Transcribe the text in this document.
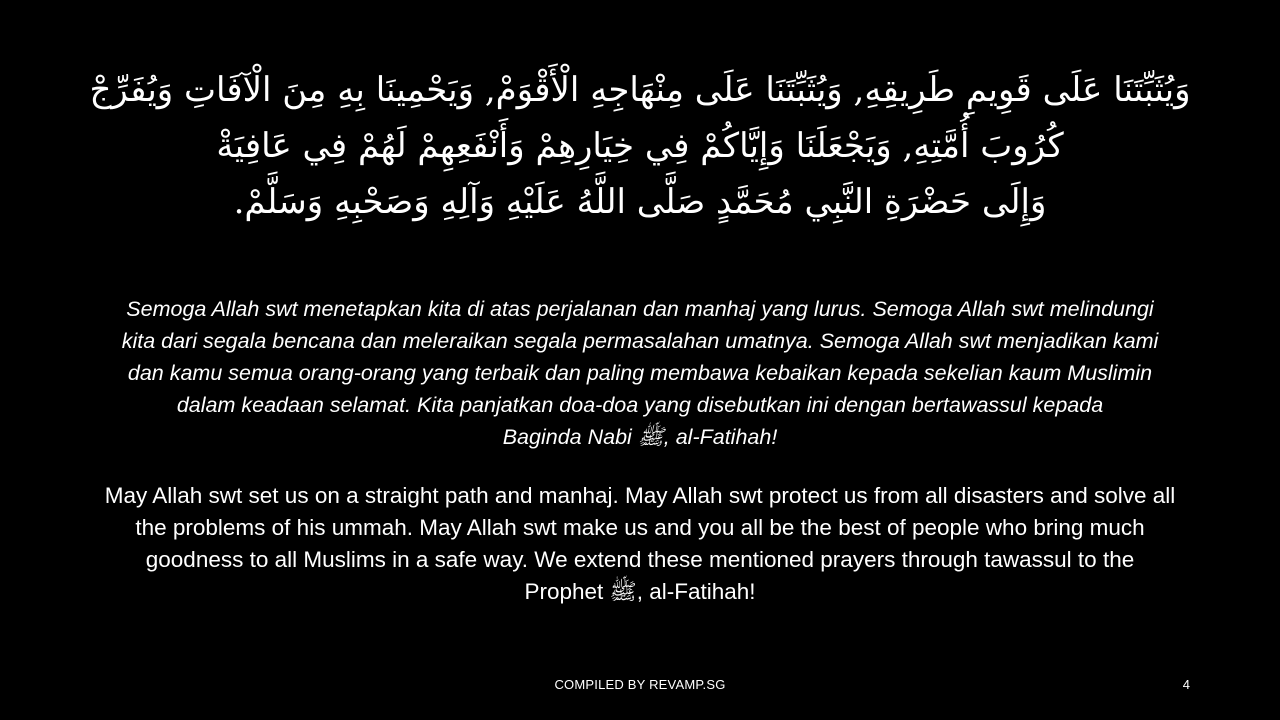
وَيُثَبِّتَنَا عَلَى قَوِيمِ طَرِيقِهِ, وَيُثَبِّتَنَا عَلَى مِنْهَاجِهِ الْأَقْوَمْ, وَيَحْمِينَا بِهِ مِنَ الْآفَاتِ وَيُفَرِّجْ
كُرُوبَ أُمَّتِهِ, وَيَجْعَلَنَا وَإِيَّاكُمْ فِي خِيَارِهِمْ وَأَنْفَعِهِمْ لَهُمْ فِي عَافِيَةْ
وَإِلَى حَضْرَةِ النَّبِي مُحَمَّدٍ صَلَّى اللَّهُ عَلَيْهِ وَآلِهِ وَصَحْبِهِ وَسَلَّمْ.
Semoga Allah swt menetapkan kita di atas perjalanan dan manhaj yang lurus. Semoga Allah swt melindungi
kita dari segala bencana dan meleraikan segala permasalahan umatnya. Semoga Allah swt menjadikan kami
dan kamu semua orang-orang yang terbaik dan paling membawa kebaikan kepada sekelian kaum Muslimin
dalam keadaan selamat. Kita panjatkan doa-doa yang disebutkan ini dengan bertawassul kepada
Baginda Nabi ﷺ, al-Fatihah!
May Allah swt set us on a straight path and manhaj. May Allah swt protect us from all disasters and solve all
the problems of his ummah. May Allah swt make us and you all be the best of people who bring much
goodness to all Muslims in a safe way. We extend these mentioned prayers through tawassul to the
Prophet ﷺ, al-Fatihah!
COMPILED BY REVAMP.SG	4
